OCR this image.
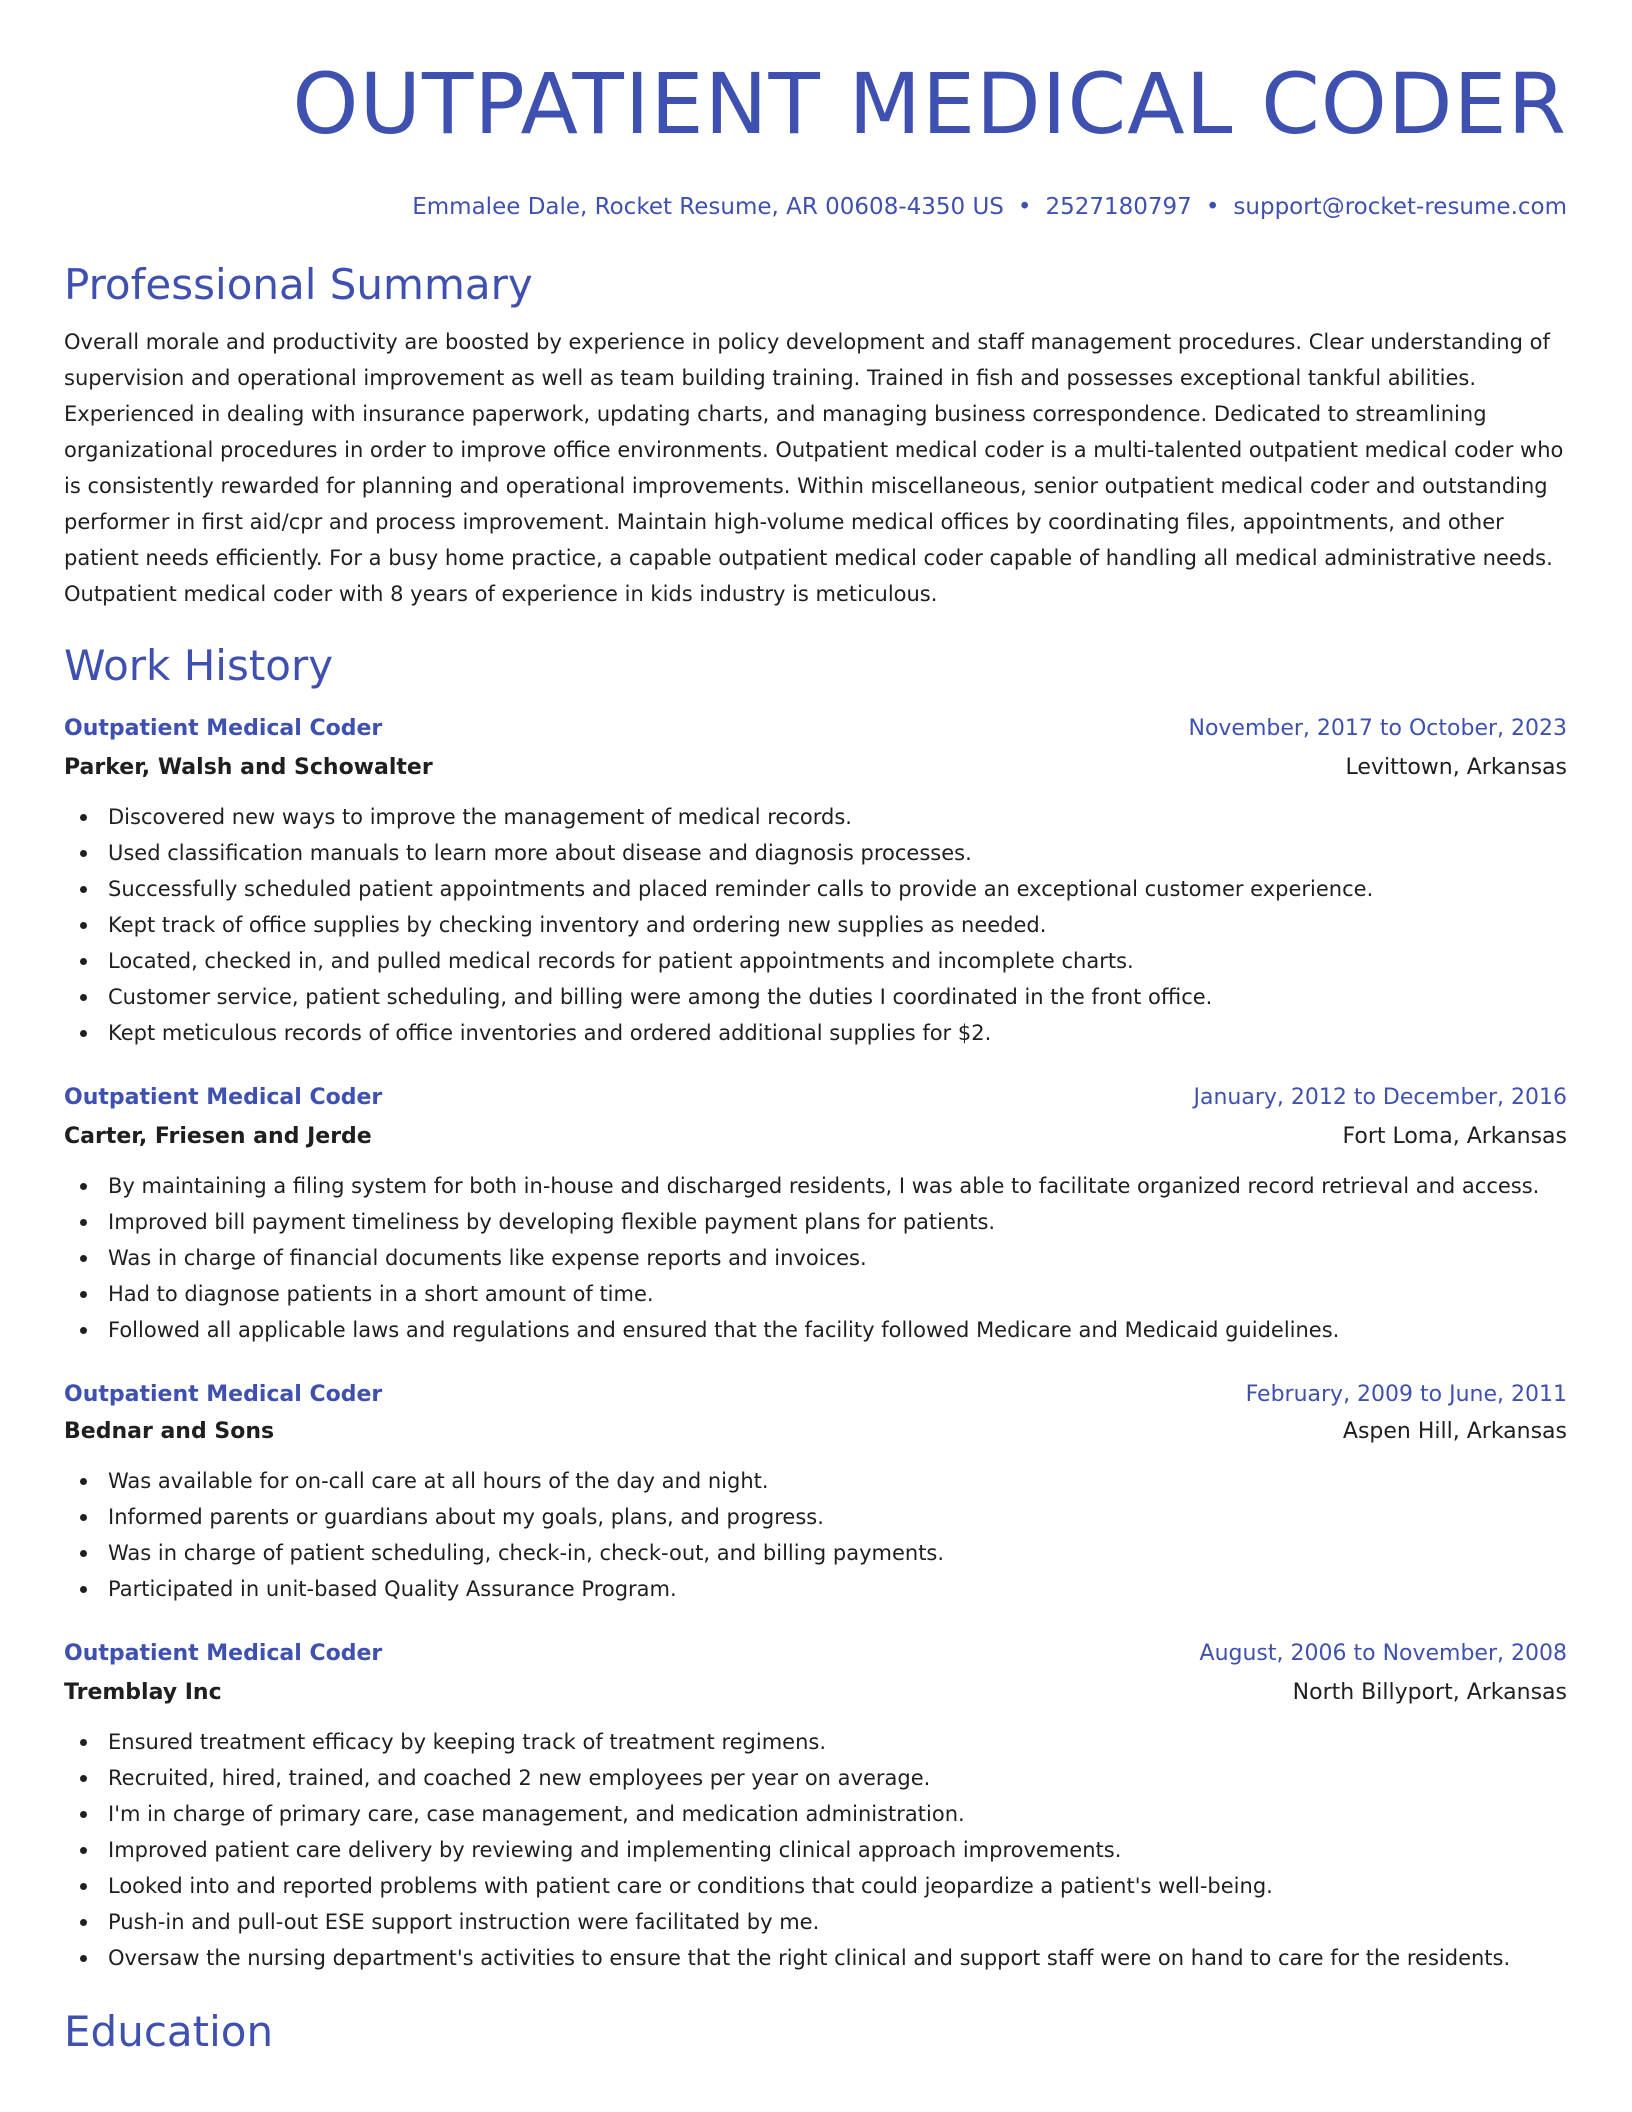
OUTPATIENT MEDICAL CODER
Emmalee Dale, Rocket Resume, AR 00608-4350 US • 2527180797 • support@rocket-resume.com
Professional Summary
Overall morale and productivity are boosted by experience in policy development and staff management procedures. Clear understanding of supervision and operational improvement as well as team building training. Trained in fish and possesses exceptional tankful abilities. Experienced in dealing with insurance paperwork, updating charts, and managing business correspondence. Dedicated to streamlining organizational procedures in order to improve office environments. Outpatient medical coder is a multi-talented outpatient medical coder who is consistently rewarded for planning and operational improvements. Within miscellaneous, senior outpatient medical coder and outstanding performer in first aid/cpr and process improvement. Maintain high-volume medical offices by coordinating files, appointments, and other patient needs efficiently. For a busy home practice, a capable outpatient medical coder capable of handling all medical administrative needs. Outpatient medical coder with 8 years of experience in kids industry is meticulous.
Work History
Outpatient Medical Coder	November, 2017 to October, 2023
Parker, Walsh and Schowalter	Levittown, Arkansas
Discovered new ways to improve the management of medical records.
Used classification manuals to learn more about disease and diagnosis processes.
Successfully scheduled patient appointments and placed reminder calls to provide an exceptional customer experience.
Kept track of office supplies by checking inventory and ordering new supplies as needed.
Located, checked in, and pulled medical records for patient appointments and incomplete charts.
Customer service, patient scheduling, and billing were among the duties I coordinated in the front office.
Kept meticulous records of office inventories and ordered additional supplies for $2.
Outpatient Medical Coder	January, 2012 to December, 2016
Carter, Friesen and Jerde	Fort Loma, Arkansas
By maintaining a filing system for both in-house and discharged residents, I was able to facilitate organized record retrieval and access.
Improved bill payment timeliness by developing flexible payment plans for patients.
Was in charge of financial documents like expense reports and invoices.
Had to diagnose patients in a short amount of time.
Followed all applicable laws and regulations and ensured that the facility followed Medicare and Medicaid guidelines.
Outpatient Medical Coder	February, 2009 to June, 2011
Bednar and Sons	Aspen Hill, Arkansas
Was available for on-call care at all hours of the day and night.
Informed parents or guardians about my goals, plans, and progress.
Was in charge of patient scheduling, check-in, check-out, and billing payments.
Participated in unit-based Quality Assurance Program.
Outpatient Medical Coder	August, 2006 to November, 2008
Tremblay Inc	North Billyport, Arkansas
Ensured treatment efficacy by keeping track of treatment regimens.
Recruited, hired, trained, and coached 2 new employees per year on average.
I'm in charge of primary care, case management, and medication administration.
Improved patient care delivery by reviewing and implementing clinical approach improvements.
Looked into and reported problems with patient care or conditions that could jeopardize a patient's well-being.
Push-in and pull-out ESE support instruction were facilitated by me.
Oversaw the nursing department's activities to ensure that the right clinical and support staff were on hand to care for the residents.
Education
